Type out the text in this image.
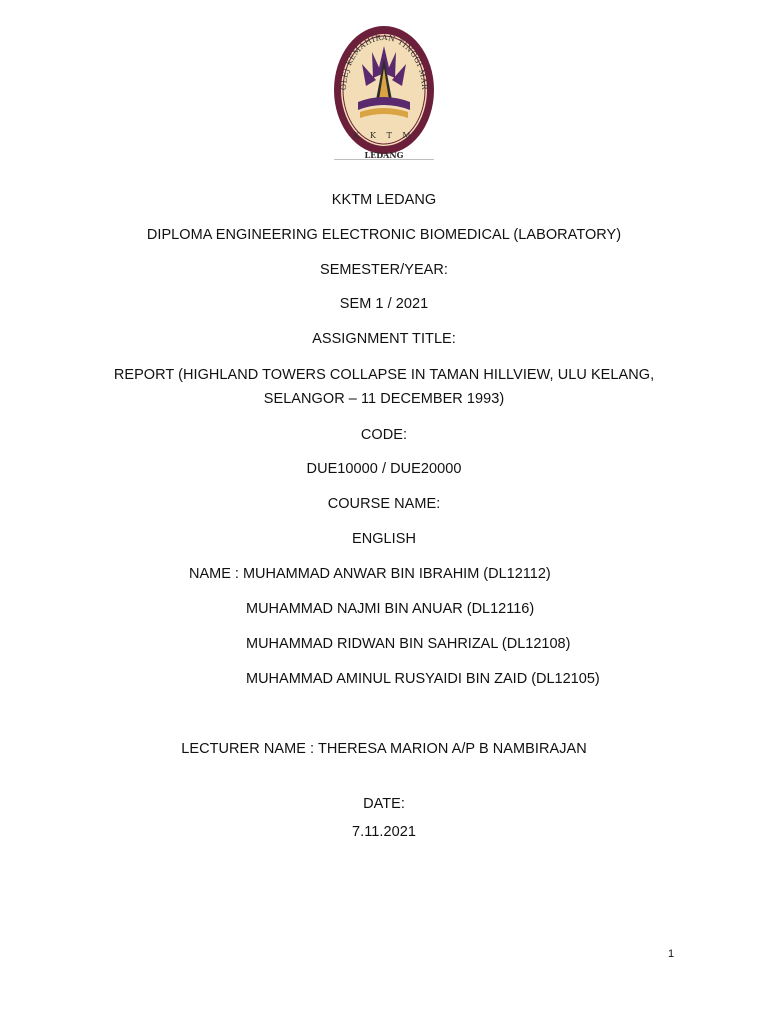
OLEJ KEMAHIRAN TINGGI MAR
K K T M
LEDANG
KKTM LEDANG
DIPLOMA ENGINEERING ELECTRONIC BIOMEDICAL (LABORATORY)
SEMESTER/YEAR:
SEM 1 / 2021
ASSIGNMENT TITLE:
REPORT (HIGHLAND TOWERS COLLAPSE IN TAMAN HILLVIEW, ULU KELANG,
SELANGOR – 11 DECEMBER 1993)
CODE:
DUE10000 / DUE20000
COURSE NAME:
ENGLISH
NAME : MUHAMMAD ANWAR BIN IBRAHIM (DL12112)
MUHAMMAD NAJMI BIN ANUAR (DL12116)
MUHAMMAD RIDWAN BIN SAHRIZAL (DL12108)
MUHAMMAD AMINUL RUSYAIDI BIN ZAID (DL12105)
LECTURER NAME : THERESA MARION A/P B NAMBIRAJAN
DATE:
7.11.2021
1
